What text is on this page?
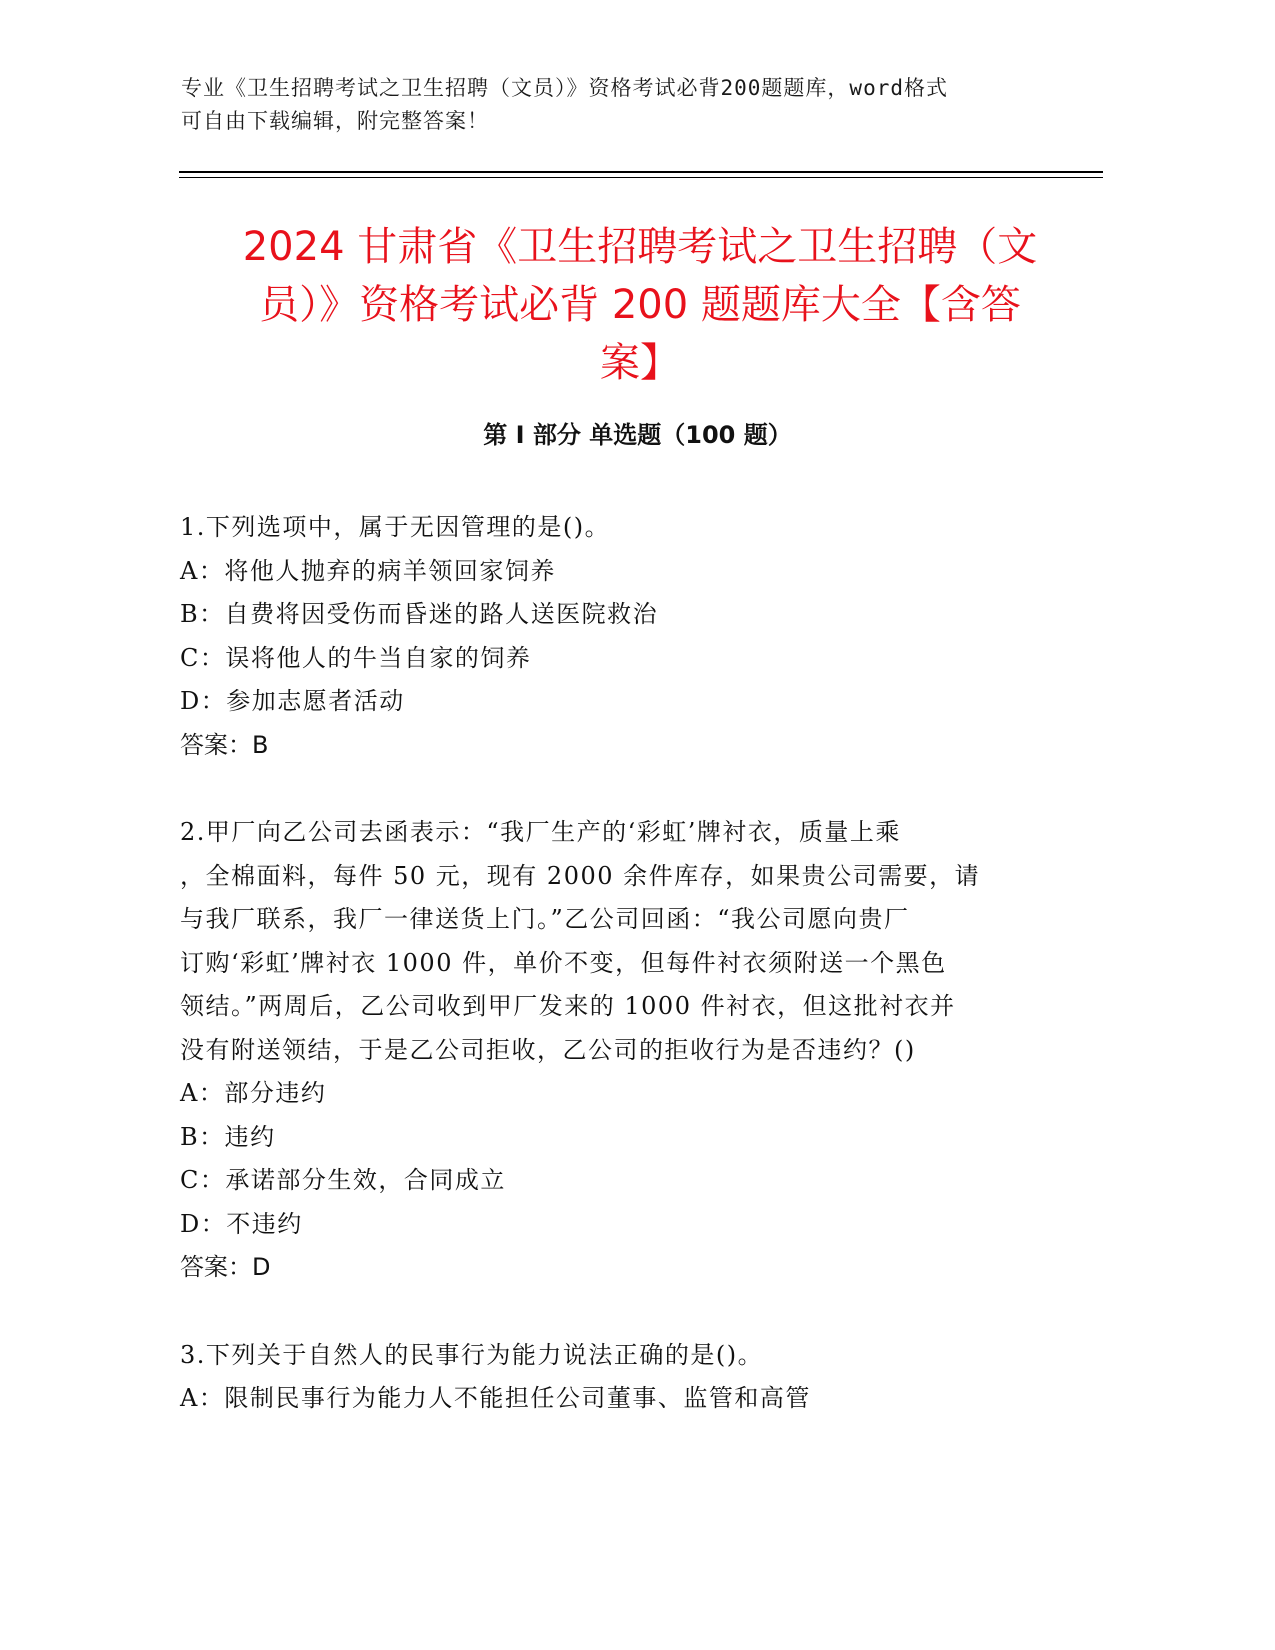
专业《卫生招聘考试之卫生招聘（文员）》资格考试必背200题题库，word格式
可自由下载编辑，附完整答案！
2024 甘肃省《卫生招聘考试之卫生招聘（文
员）》资格考试必背 200 题题库大全【含答
案】
第 I 部分 单选题（100 题）

1.下列选项中，属于无因管理的是()。

A：将他人抛弃的病羊领回家饲养

B：自费将因受伤而昏迷的路人送医院救治

C：误将他人的牛当自家的饲养

D：参加志愿者活动

答案：B

2.甲厂向乙公司去函表示：“我厂生产的‘彩虹’牌衬衣，质量上乘

，全棉面料，每件 50 元，现有 2000 余件库存，如果贵公司需要，请

与我厂联系，我厂一律送货上门。”乙公司回函：“我公司愿向贵厂

订购‘彩虹’牌衬衣 1000 件，单价不变，但每件衬衣须附送一个黑色

领结。”两周后，乙公司收到甲厂发来的 1000 件衬衣，但这批衬衣并

没有附送领结，于是乙公司拒收，乙公司的拒收行为是否违约？()

A：部分违约

B：违约

C：承诺部分生效，合同成立

D：不违约

答案：D

3.下列关于自然人的民事行为能力说法正确的是()。

A：限制民事行为能力人不能担任公司董事、监管和高管
